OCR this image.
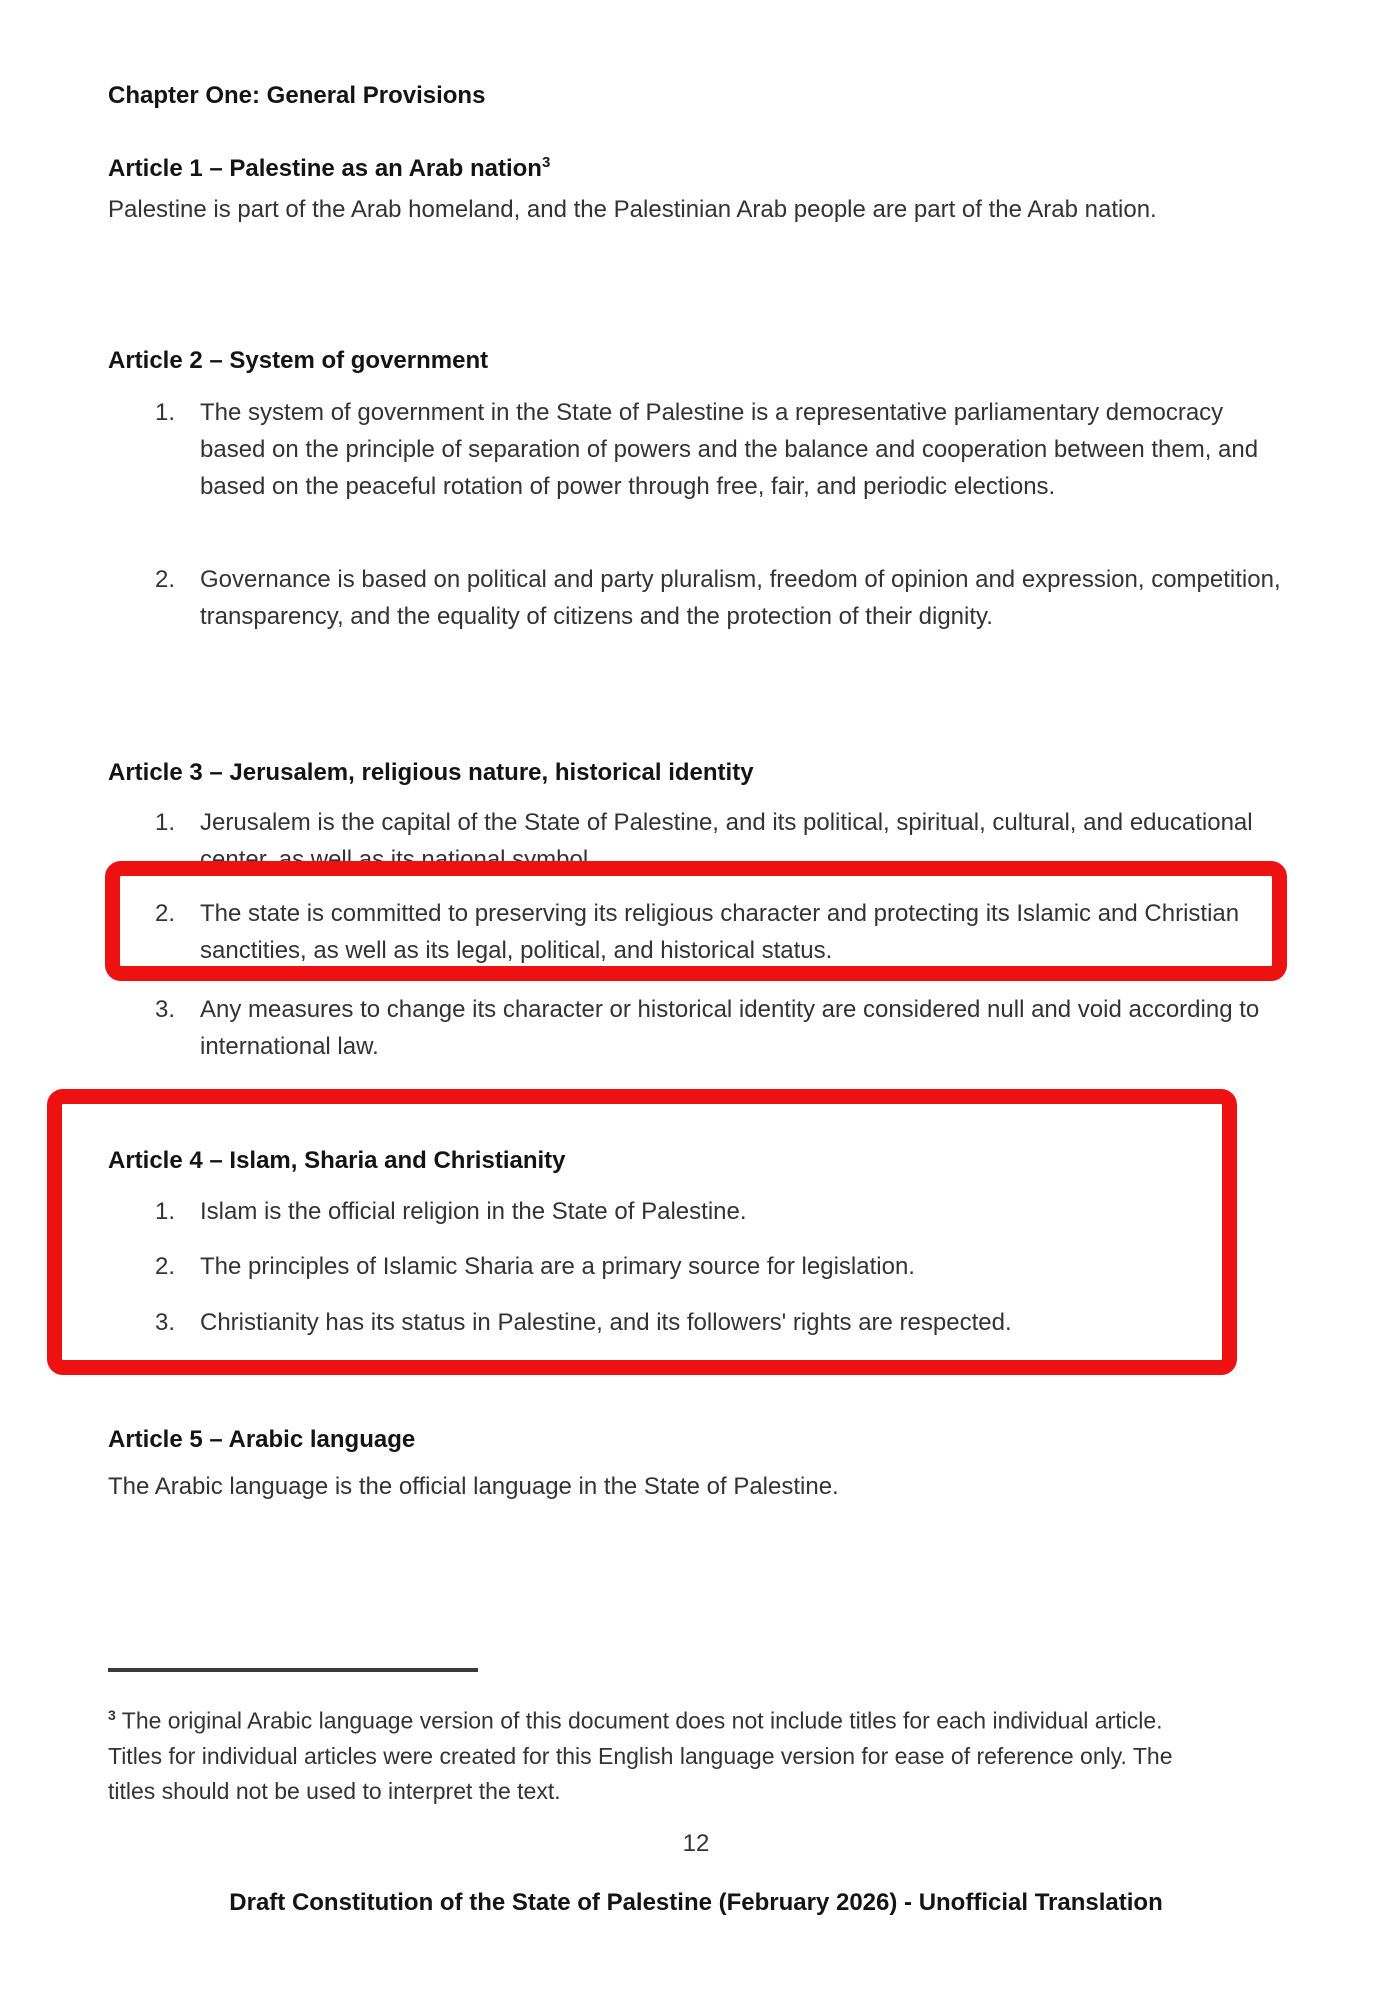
Chapter One: General Provisions
Article 1 – Palestine as an Arab nation$^3$
Palestine is part of the Arab homeland, and the Palestinian Arab people are part of the Arab nation.
Article 2 – System of government
1. The system of government in the State of Palestine is a representative parliamentary democracy based on the principle of separation of powers and the balance and cooperation between them, and based on the peaceful rotation of power through free, fair, and periodic elections.
2. Governance is based on political and party pluralism, freedom of opinion and expression, competition, transparency, and the equality of citizens and the protection of their dignity.
Article 3 – Jerusalem, religious nature, historical identity
1. Jerusalem is the capital of the State of Palestine, and its political, spiritual, cultural, and educational center, as well as its national symbol.
2. The state is committed to preserving its religious character and protecting its Islamic and Christian sanctities, as well as its legal, political, and historical status.
3. Any measures to change its character or historical identity are considered null and void according to international law.
Article 4 – Islam, Sharia and Christianity
1. Islam is the official religion in the State of Palestine.
2. The principles of Islamic Sharia are a primary source for legislation.
3. Christianity has its status in Palestine, and its followers' rights are respected.
Article 5 – Arabic language
The Arabic language is the official language in the State of Palestine.
$^3$ The original Arabic language version of this document does not include titles for each individual article. Titles for individual articles were created for this English language version for ease of reference only. The titles should not be used to interpret the text.
12
Draft Constitution of the State of Palestine (February 2026) - Unofficial Translation
